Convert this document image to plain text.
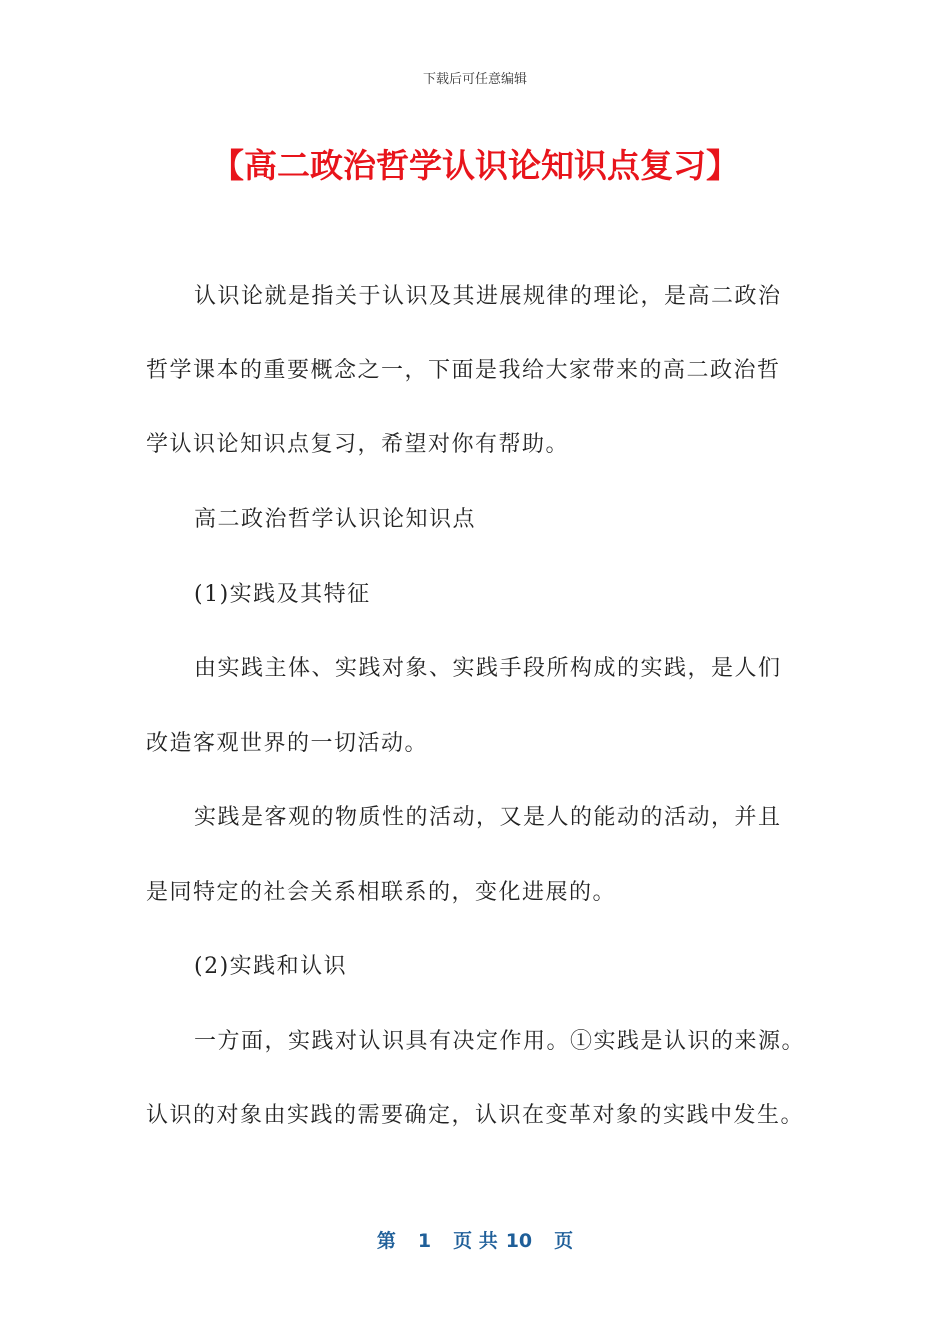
下载后可任意编辑
【高二政治哲学认识论知识点复习】
认识论就是指关于认识及其进展规律的理论，是高二政治
哲学课本的重要概念之一，下面是我给大家带来的高二政治哲
学认识论知识点复习，希望对你有帮助。
高二政治哲学认识论知识点
(1)实践及其特征
由实践主体、实践对象、实践手段所构成的实践，是人们
改造客观世界的一切活动。
实践是客观的物质性的活动，又是人的能动的活动，并且
是同特定的社会关系相联系的，变化进展的。
(2)实践和认识
一方面，实践对认识具有决定作用。①实践是认识的来源。
认识的对象由实践的需要确定，认识在变革对象的实践中发生。
第 1 页 共 10 页
